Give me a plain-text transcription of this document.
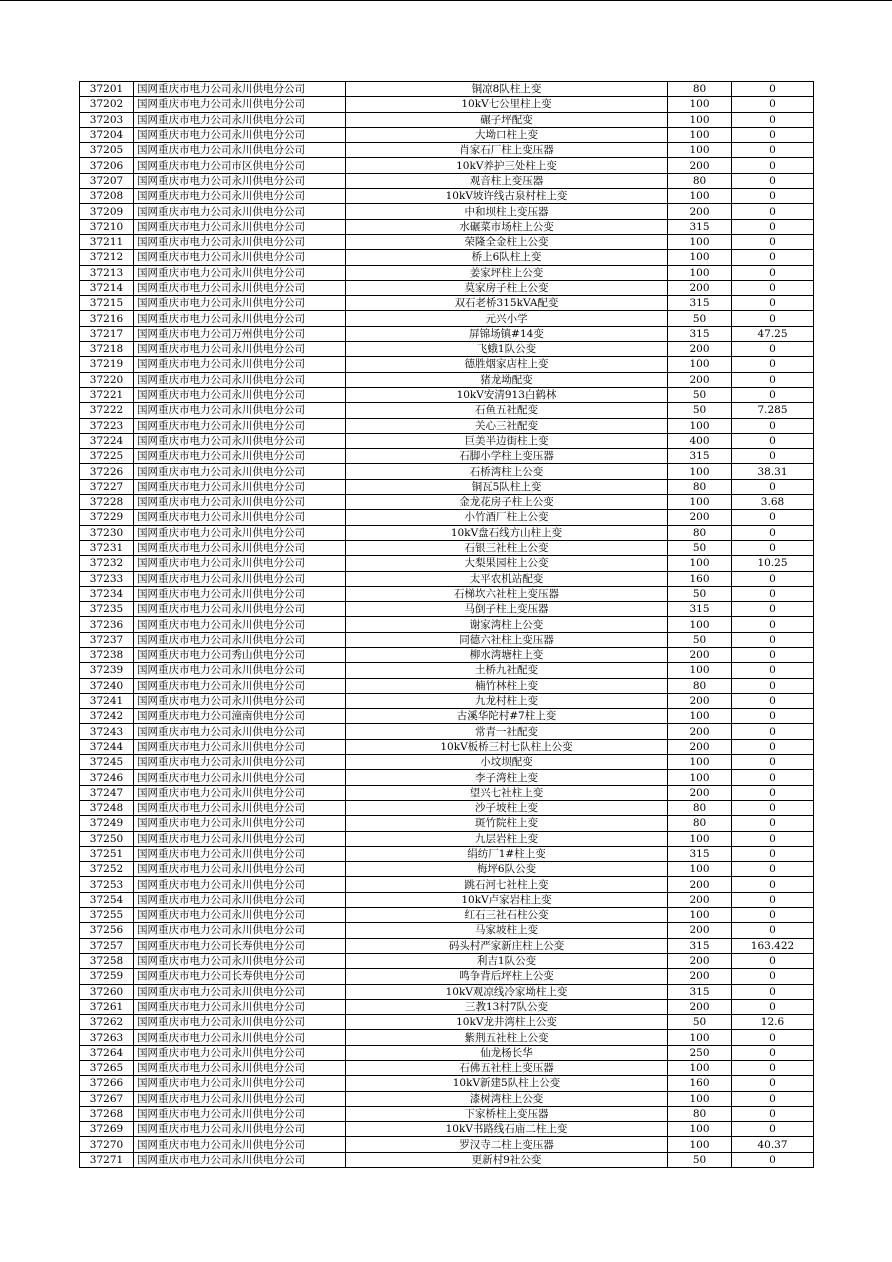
37201	国网重庆市电力公司永川供电分公司	铜凉8队柱上变	80	0
37202	国网重庆市电力公司永川供电分公司	10kV七公里柱上变	100	0
37203	国网重庆市电力公司永川供电分公司	碾子坪配变	100	0
37204	国网重庆市电力公司永川供电分公司	大坳口柱上变	100	0
37205	国网重庆市电力公司永川供电分公司	肖家石厂柱上变压器	100	0
37206	国网重庆市电力公司市区供电分公司	10kV养护三处柱上变	200	0
37207	国网重庆市电力公司永川供电分公司	观音柱上变压器	80	0
37208	国网重庆市电力公司永川供电分公司	10kV坡许线古泉村柱上变	100	0
37209	国网重庆市电力公司永川供电分公司	中和坝柱上变压器	200	0
37210	国网重庆市电力公司永川供电分公司	水碾菜市场柱上公变	315	0
37211	国网重庆市电力公司永川供电分公司	荣隆全金柱上公变	100	0
37212	国网重庆市电力公司永川供电分公司	桥上6队柱上变	100	0
37213	国网重庆市电力公司永川供电分公司	姜家坪柱上公变	100	0
37214	国网重庆市电力公司永川供电分公司	莫家房子柱上公变	200	0
37215	国网重庆市电力公司永川供电分公司	双石老桥315kVA配变	315	0
37216	国网重庆市电力公司永川供电分公司	元兴小学	50	0
37217	国网重庆市电力公司万州供电分公司	屏锦场镇#14变	315	47.25
37218	国网重庆市电力公司永川供电分公司	飞蛾1队公变	200	0
37219	国网重庆市电力公司永川供电分公司	德胜烟家店柱上变	100	0
37220	国网重庆市电力公司永川供电分公司	猪龙坳配变	200	0
37221	国网重庆市电力公司永川供电分公司	10kV安清913白鹤林	50	0
37222	国网重庆市电力公司永川供电分公司	石鱼五社配变	50	7.285
37223	国网重庆市电力公司永川供电分公司	关心三社配变	100	0
37224	国网重庆市电力公司永川供电分公司	巨美半边街柱上变	400	0
37225	国网重庆市电力公司永川供电分公司	石脚小学柱上变压器	315	0
37226	国网重庆市电力公司永川供电分公司	石桥湾柱上公变	100	38.31
37227	国网重庆市电力公司永川供电分公司	铜瓦5队柱上变	80	0
37228	国网重庆市电力公司永川供电分公司	金龙花房子柱上公变	100	3.68
37229	国网重庆市电力公司永川供电分公司	小竹酒厂柱上公变	200	0
37230	国网重庆市电力公司永川供电分公司	10kV盘石线方山柱上变	80	0
37231	国网重庆市电力公司永川供电分公司	石银三社柱上公变	50	0
37232	国网重庆市电力公司永川供电分公司	大梨果园柱上公变	100	10.25
37233	国网重庆市电力公司永川供电分公司	太平农机站配变	160	0
37234	国网重庆市电力公司永川供电分公司	石梯坎六社柱上变压器	50	0
37235	国网重庆市电力公司永川供电分公司	马倒子柱上变压器	315	0
37236	国网重庆市电力公司永川供电分公司	谢家湾柱上公变	100	0
37237	国网重庆市电力公司永川供电分公司	同德六社柱上变压器	50	0
37238	国网重庆市电力公司秀山供电分公司	柳水湾塘柱上变	200	0
37239	国网重庆市电力公司永川供电分公司	土桥九社配变	100	0
37240	国网重庆市电力公司永川供电分公司	楠竹林柱上变	80	0
37241	国网重庆市电力公司永川供电分公司	九龙村柱上变	200	0
37242	国网重庆市电力公司潼南供电分公司	古溪华陀村#7柱上变	100	0
37243	国网重庆市电力公司永川供电分公司	常青一社配变	200	0
37244	国网重庆市电力公司永川供电分公司	10kV板桥三村七队柱上公变	200	0
37245	国网重庆市电力公司永川供电分公司	小坟坝配变	100	0
37246	国网重庆市电力公司永川供电分公司	李子湾柱上变	100	0
37247	国网重庆市电力公司永川供电分公司	望兴七社柱上变	200	0
37248	国网重庆市电力公司永川供电分公司	沙子坡柱上变	80	0
37249	国网重庆市电力公司永川供电分公司	斑竹院柱上变	80	0
37250	国网重庆市电力公司永川供电分公司	九层岩柱上变	100	0
37251	国网重庆市电力公司永川供电分公司	绢纺厂1#柱上变	315	0
37252	国网重庆市电力公司永川供电分公司	梅坪6队公变	100	0
37253	国网重庆市电力公司永川供电分公司	跳石河七社柱上变	200	0
37254	国网重庆市电力公司永川供电分公司	10kV卢家岩柱上变	200	0
37255	国网重庆市电力公司永川供电分公司	红石三社石柱公变	100	0
37256	国网重庆市电力公司永川供电分公司	马家坡柱上变	200	0
37257	国网重庆市电力公司长寿供电分公司	码头村严家新庄柱上公变	315	163.422
37258	国网重庆市电力公司永川供电分公司	利吉1队公变	200	0
37259	国网重庆市电力公司长寿供电分公司	鸣争背后坪柱上公变	200	0
37260	国网重庆市电力公司永川供电分公司	10kV观凉线冷家坳柱上变	315	0
37261	国网重庆市电力公司永川供电分公司	三教13村7队公变	200	0
37262	国网重庆市电力公司永川供电分公司	10kV龙井湾柱上公变	50	12.6
37263	国网重庆市电力公司永川供电分公司	紫荆五社柱上公变	100	0
37264	国网重庆市电力公司永川供电分公司	仙龙杨长华	250	0
37265	国网重庆市电力公司永川供电分公司	石佛五社柱上变压器	100	0
37266	国网重庆市电力公司永川供电分公司	10kV新建5队柱上公变	160	0
37267	国网重庆市电力公司永川供电分公司	漆树湾柱上公变	100	0
37268	国网重庆市电力公司永川供电分公司	下家桥柱上变压器	80	0
37269	国网重庆市电力公司永川供电分公司	10kV书路线石庙二柱上变	100	0
37270	国网重庆市电力公司永川供电分公司	罗汉寺二柱上变压器	100	40.37
37271	国网重庆市电力公司永川供电分公司	更新村9社公变	50	0
